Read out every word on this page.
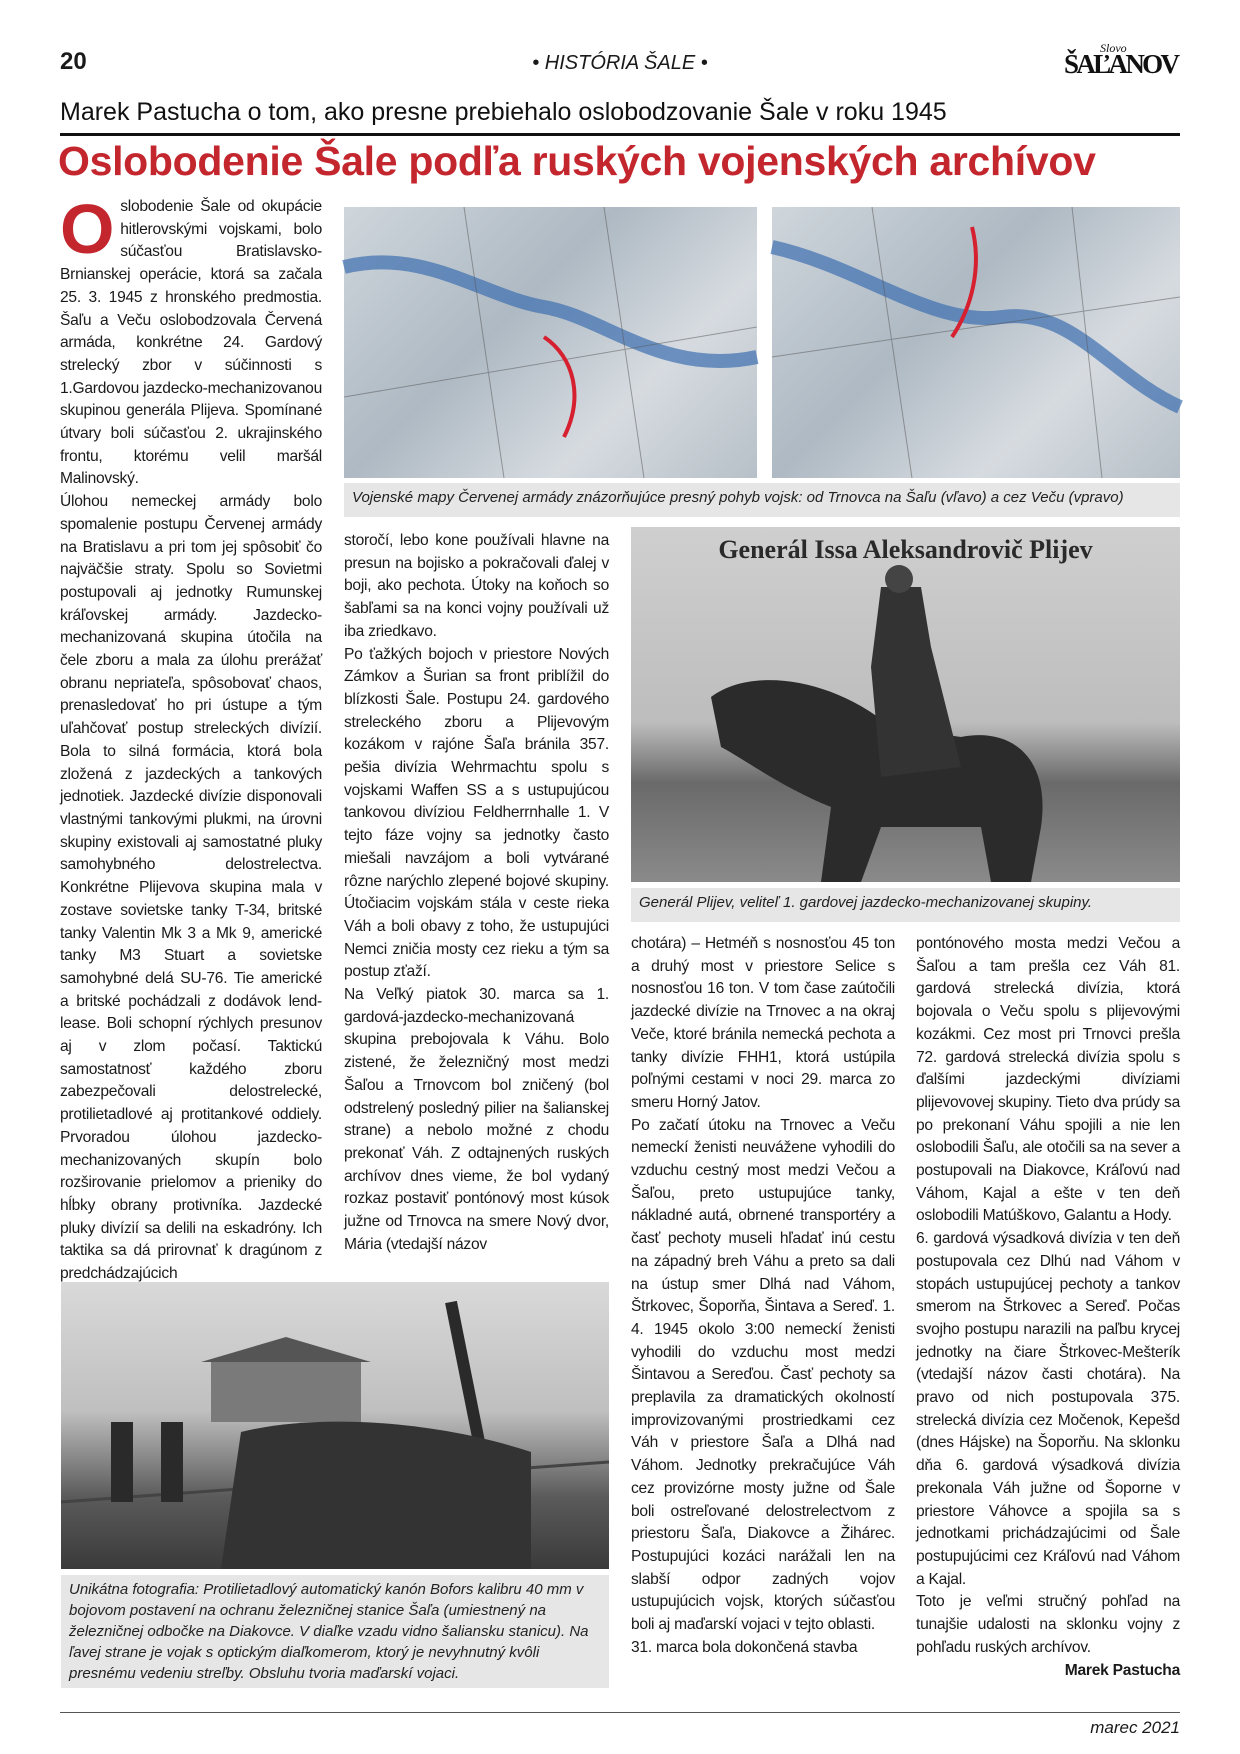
20	• HISTÓRIA ŠALE •	ŠAĽANOV
Slovo
Marek Pastucha o tom, ako presne prebiehalo oslobodzovanie Šale v roku 1945
Oslobodenie Šale podľa ruských vojenských archívov

Oslobodenie Šale od okupácie hitlerovskými vojskami, bolo súčasťou Bratislavsko-Brnianskej operácie, ktorá sa začala 25. 3. 1945 z hronského predmostia. Šaľu a Veču oslobodzovala Červená armáda, konkrétne 24. Gardový strelecký zbor v súčinnosti s 1.Gardovou jazdecko-mechanizovanou skupinou generála Plijeva. Spomínané útvary boli súčasťou 2. ukrajinského frontu, ktorému velil maršál Malinovský.

Úlohou nemeckej armády bolo spomalenie postupu Červenej armády na Bratislavu a pri tom jej spôsobiť čo najväčšie straty. Spolu so Sovietmi postupovali aj jednotky Rumunskej kráľovskej armády. Jazdecko-mechanizovaná skupina útočila na čele zboru a mala za úlohu prerážať obranu nepriateľa, spôsobovať chaos, prenasledovať ho pri ústupe a tým uľahčovať postup streleckých divízií. Bola to silná formácia, ktorá bola zložená z jazdeckých a tankových jednotiek. Jazdecké divízie disponovali vlastnými tankovými plukmi, na úrovni skupiny existovali aj samostatné pluky samohybného delostrelectva. Konkrétne Plijevova skupina mala v zostave sovietske tanky T-34, britské tanky Valentin Mk 3 a Mk 9, americké tanky M3 Stuart a sovietske samohybné delá SU-76. Tie americké a britské pochádzali z dodávok lend-lease. Boli schopní rýchlych presunov aj v zlom počasí. Taktickú samostatnosť každého zboru zabezpečovali delostrelecké, protilietadlové aj protitankové oddiely. Prvoradou úlohou jazdecko-mechanizovaných skupín bolo rozširovanie prielomov a prieniky do hĺbky obrany protivníka. Jazdecké pluky divízií sa delili na eskadróny. Ich taktika sa dá prirovnať k dragúnom z predchádzajúcich

Vojenské mapy Červenej armády znázorňujúce presný pohyb vojsk: od Trnovca na Šaľu (vľavo) a cez Veču (vpravo)

storočí, lebo kone používali hlavne na presun na bojisko a pokračovali ďalej v boji, ako pechota. Útoky na koňoch so šabľami sa na konci vojny používali už iba zriedkavo.

Po ťažkých bojoch v priestore Nových Zámkov a Šurian sa front priblížil do blízkosti Šale. Postupu 24. gardového streleckého zboru a Plijevovým kozákom v rajóne Šaľa bránila 357. pešia divízia Wehrmachtu spolu s vojskami Waffen SS a s ustupujúcou tankovou divíziou Feldherrnhalle 1. V tejto fáze vojny sa jednotky často miešali navzájom a boli vytvárané rôzne narýchlo zlepené bojové skupiny. Útočiacim vojskám stála v ceste rieka Váh a boli obavy z toho, že ustupujúci Nemci zničia mosty cez rieku a tým sa postup zťaží.

Na Veľký piatok 30. marca sa 1. gardová-jazdecko-mechanizovaná skupina prebojovala k Váhu. Bolo zistené, že železničný most medzi Šaľou a Trnovcom bol zničený (bol odstrelený posledný pilier na šalianskej strane) a nebolo možné z chodu prekonať Váh. Z odtajnených ruských archívov dnes vieme, že bol vydaný rozkaz postaviť pontónový most kúsok južne od Trnovca na smere Nový dvor, Mária (vtedajší názov

Generál Issa Aleksandrovič Plijev
Generál Plijev, veliteľ 1. gardovej jazdecko-mechanizovanej skupiny.

chotára) – Hetméň s nosnosťou 45 ton a druhý most v priestore Selice s nosnosťou 16 ton. V tom čase zaútočili jazdecké divízie na Trnovec a na okraj Veče, ktoré bránila nemecká pechota a tanky divízie FHH1, ktorá ustúpila poľnými cestami v noci 29. marca zo smeru Horný Jatov.

Po začatí útoku na Trnovec a Veču nemeckí ženisti neuvážene vyhodili do vzduchu cestný most medzi Večou a Šaľou, preto ustupujúce tanky, nákladné autá, obrnené transportéry a časť pechoty museli hľadať inú cestu na západný breh Váhu a preto sa dali na ústup smer Dlhá nad Váhom, Štrkovec, Šoporňa, Šintava a Sereď. 1. 4. 1945 okolo 3:00 nemeckí ženisti vyhodili do vzduchu most medzi Šintavou a Sereďou. Časť pechoty sa preplavila za dramatických okolností improvizovanými prostriedkami cez Váh v priestore Šaľa a Dlhá nad Váhom. Jednotky prekračujúce Váh cez provizórne mosty južne od Šale boli ostreľované delostrelectvom z priestoru Šaľa, Diakovce a Žihárec. Postupujúci kozáci narážali len na slabší odpor zadných vojov ustupujúcich vojsk, ktorých súčasťou boli aj maďarskí vojaci v tejto oblasti.

31. marca bola dokončená stavba

pontónového mosta medzi Večou a Šaľou a tam prešla cez Váh 81. gardová strelecká divízia, ktorá bojovala o Veču spolu s plijevovými kozákmi. Cez most pri Trnovci prešla 72. gardová strelecká divízia spolu s ďalšími jazdeckými divíziami plijevovovej skupiny. Tieto dva prúdy sa po prekonaní Váhu spojili a nie len oslobodili Šaľu, ale otočili sa na sever a postupovali na Diakovce, Kráľovú nad Váhom, Kajal a ešte v ten deň oslobodili Matúškovo, Galantu a Hody.

6. gardová výsadková divízia v ten deň postupovala cez Dlhú nad Váhom v stopách ustupujúcej pechoty a tankov smerom na Štrkovec a Sereď. Počas svojho postupu narazili na paľbu krycej jednotky na čiare Štrkovec-Mešterík (vtedajší názov časti chotára). Na pravo od nich postupovala 375. strelecká divízia cez Močenok, Kepešd (dnes Hájske) na Šoporňu. Na sklonku dňa 6. gardová výsadková divízia prekonala Váh južne od Šoporne v priestore Váhovce a spojila sa s jednotkami prichádzajúcimi od Šale postupujúcimi cez Kráľovú nad Váhom a Kajal.

Toto je veľmi stručný pohľad na tunajšie udalosti na sklonku vojny z pohľadu ruských archívov.

Marek Pastucha

Unikátna fotografia: Protilietadlový automatický kanón Bofors kalibru 40 mm v bojovom postavení na ochranu železničnej stanice Šaľa (umiestnený na železničnej odbočke na Diakovce. V diaľke vzadu vidno šaliansku stanicu). Na ľavej strane je vojak s optickým diaľkomerom, ktorý je nevyhnutný kvôli presnému vedeniu streľby. Obsluhu tvoria maďarskí vojaci.
marec 2021
